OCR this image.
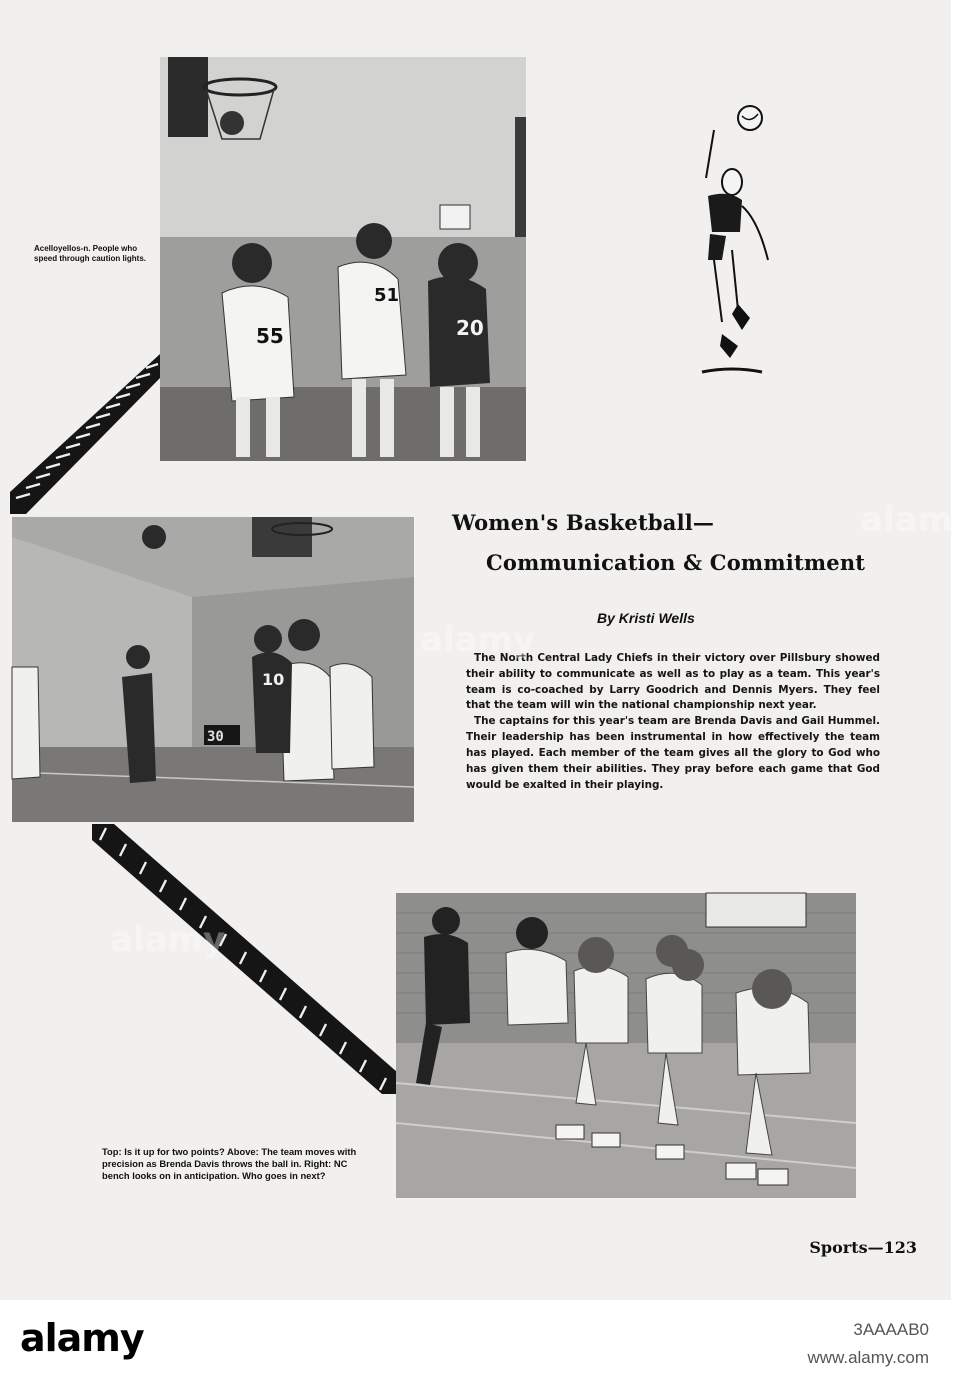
55
51
20
Acelloyellos-n. People who speed through caution lights.
30
10
Women's Basketball—
Communication & Commitment
By Kristi Wells

The North Central Lady Chiefs in their victory over Pillsbury showed their ability to communicate as well as to play as a team. This year's team is co-coached by Larry Goodrich and Dennis Myers. They feel that the team will win the national championship next year.

The captains for this year's team are Brenda Davis and Gail Hummel. Their leadership has been instrumental in how effectively the team has played. Each member of the team gives all the glory to God who has given them their abilities. They pray before each game that God would be exalted in their playing.

Top: Is it up for two points? Above: The team moves with precision as Brenda Davis throws the ball in. Right: NC bench looks on in anticipation. Who goes in next?
Sports—123
alamy
alamy
alamy
alamy	3AAAAB0
www.alamy.com
